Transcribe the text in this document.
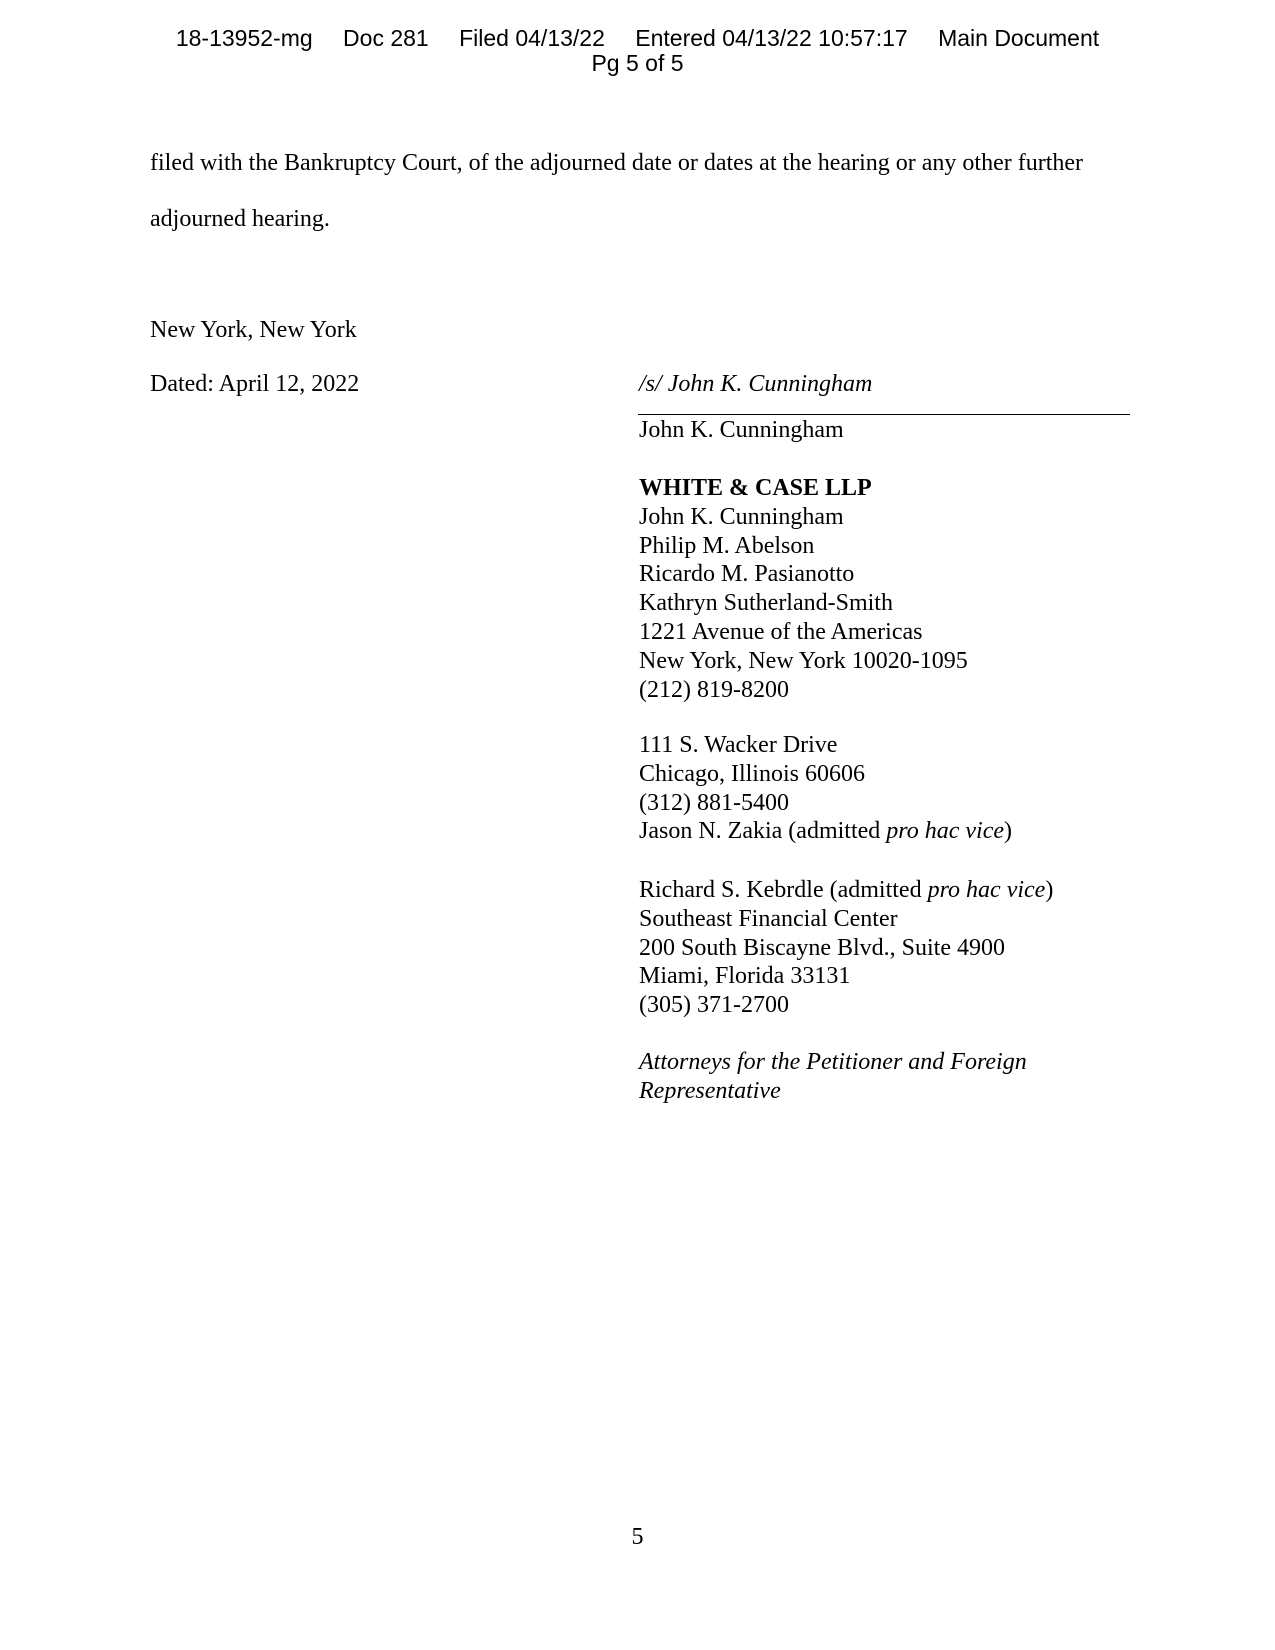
18-13952-mg Doc 281 Filed 04/13/22 Entered 04/13/22 10:57:17 Main Document
Pg 5 of 5
filed with the Bankruptcy Court, of the adjourned date or dates at the hearing or any other further
adjourned hearing.
New York, New York
Dated: April 12, 2022	/s/ John K. Cunningham
John K. Cunningham
WHITE & CASE LLP
John K. Cunningham
Philip M. Abelson
Ricardo M. Pasianotto
Kathryn Sutherland-Smith
1221 Avenue of the Americas
New York, New York 10020-1095
(212) 819-8200
111 S. Wacker Drive
Chicago, Illinois 60606
(312) 881-5400
Jason N. Zakia (admitted pro hac vice)
Richard S. Kebrdle (admitted pro hac vice)
Southeast Financial Center
200 South Biscayne Blvd., Suite 4900
Miami, Florida 33131
(305) 371-2700
Attorneys for the Petitioner and Foreign
Representative
5
